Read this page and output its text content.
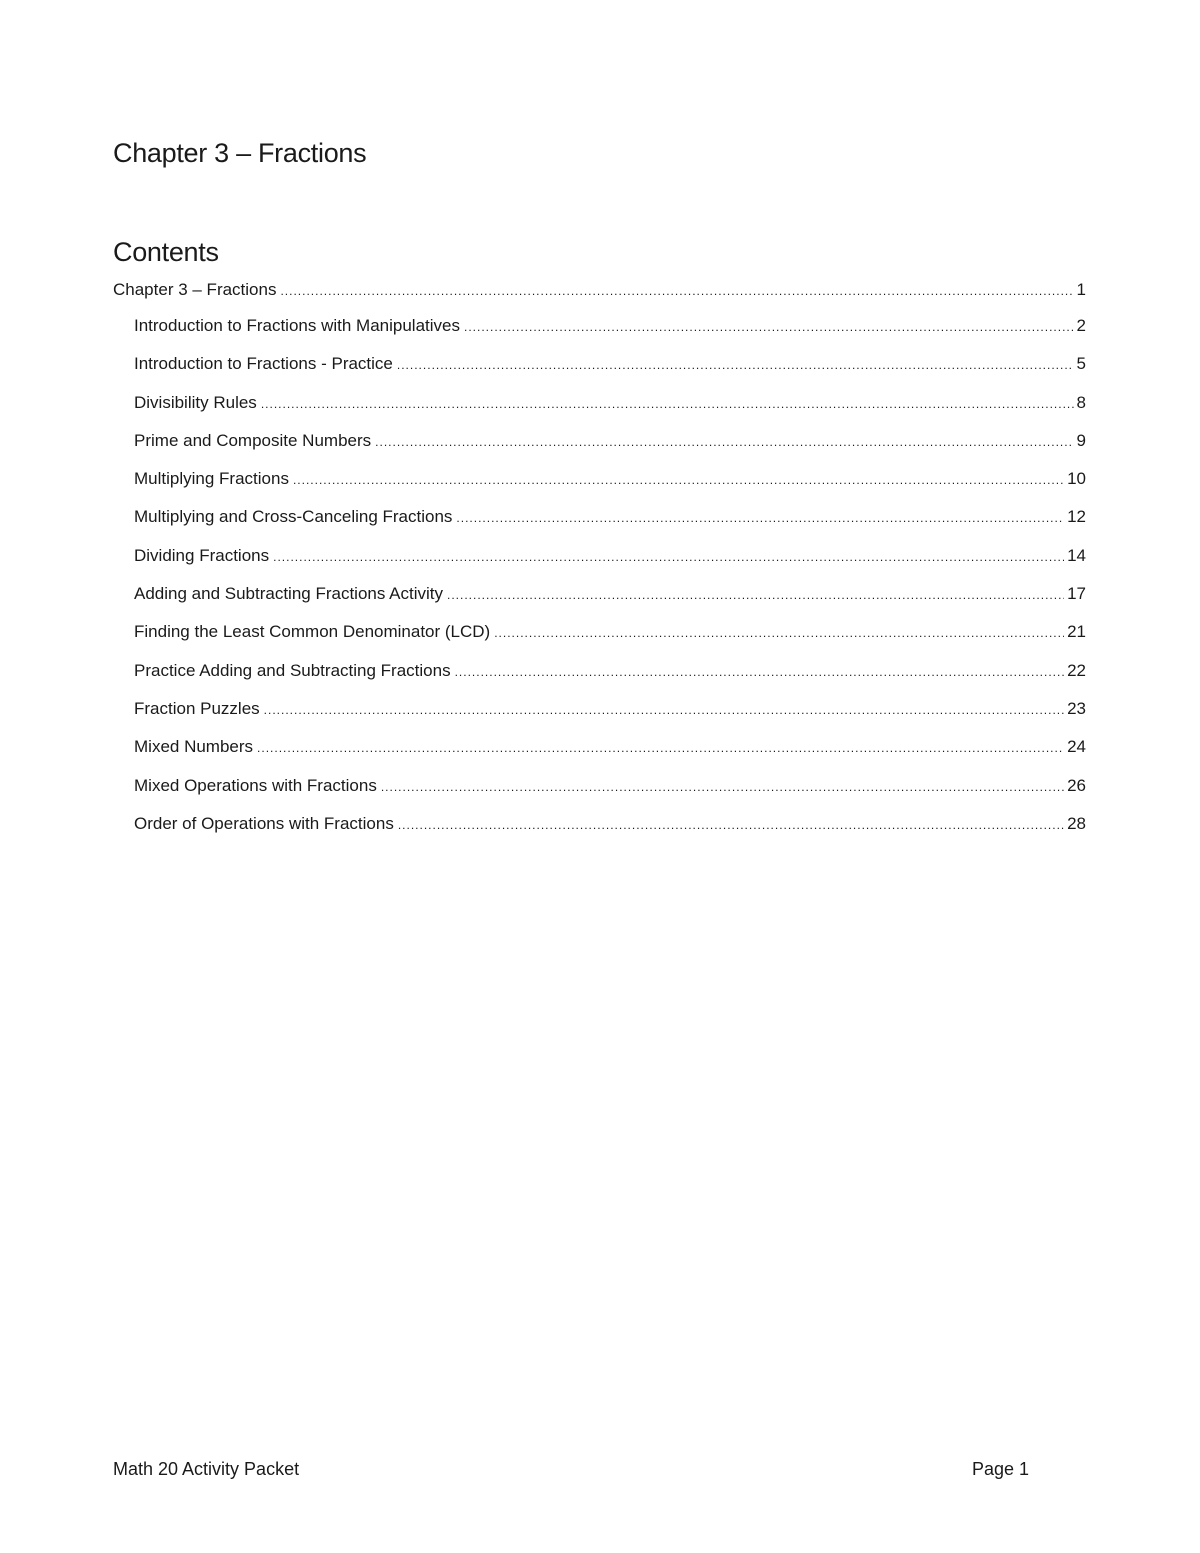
Chapter 3 – Fractions
Contents
Chapter 3 – Fractions .....	1
Introduction to Fractions with Manipulatives .....	2
Introduction to Fractions - Practice .....	5
Divisibility Rules .....	8
Prime and Composite Numbers .....	9
Multiplying Fractions .....	10
Multiplying and Cross-Canceling Fractions .....	12
Dividing Fractions .....	14
Adding and Subtracting Fractions Activity .....	17
Finding the Least Common Denominator (LCD) .....	21
Practice Adding and Subtracting Fractions .....	22
Fraction Puzzles .....	23
Mixed Numbers .....	24
Mixed Operations with Fractions .....	26
Order of Operations with Fractions .....	28
Math 20 Activity Packet	Page 1
